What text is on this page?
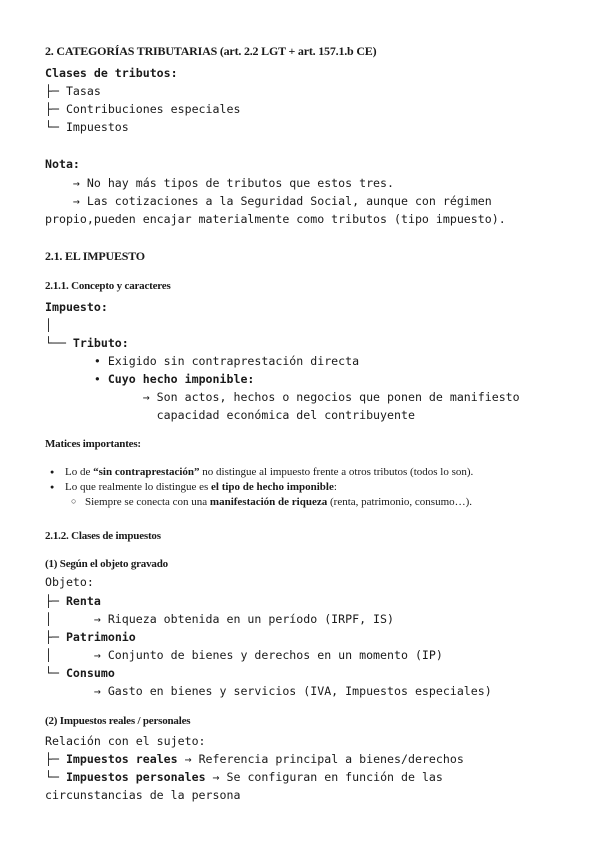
2. CATEGORÍAS TRIBUTARIAS (art. 2.2 LGT + art. 157.1.b CE)
Clases de tributos:
├─ Tasas
├─ Contribuciones especiales
└─ Impuestos
Nota:
→ No hay más tipos de tributos que estos tres.
→ Las cotizaciones a la Seguridad Social, aunque con régimen
propio,pueden encajar materialmente como tributos (tipo impuesto).
2.1. EL IMPUESTO
2.1.1. Concepto y caracteres
Impuesto:
│
└── Tributo:
• Exigido sin contraprestación directa
• Cuyo hecho imponible:
→ Son actos, hechos o negocios que ponen de manifiesto
capacidad económica del contribuyente
Matices importantes:
● Lo de “sin contraprestación” no distingue al impuesto frente a otros tributos (todos lo son).
● Lo que realmente lo distingue es el tipo de hecho imponible:
○ Siempre se conecta con una manifestación de riqueza (renta, patrimonio, consumo…).
2.1.2. Clases de impuestos
(1) Según el objeto gravado
Objeto:
├─ Renta
│      → Riqueza obtenida en un período (IRPF, IS)
├─ Patrimonio
│      → Conjunto de bienes y derechos en un momento (IP)
└─ Consumo
→ Gasto en bienes y servicios (IVA, Impuestos especiales)
(2) Impuestos reales / personales
Relación con el sujeto:
├─ Impuestos reales → Referencia principal a bienes/derechos
└─ Impuestos personales → Se configuran en función de las
circunstancias de la persona
